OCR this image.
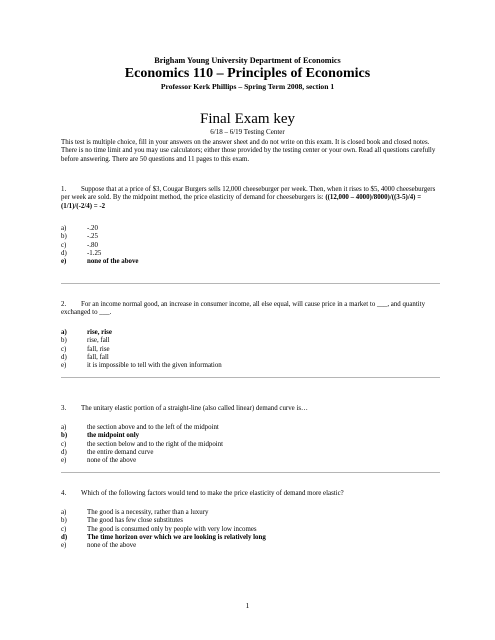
Brigham Young University Department of Economics
Economics 110 – Principles of Economics
Professor Kerk Phillips – Spring Term 2008, section 1
Final Exam key
6/18 – 6/19 Testing Center
This test is multiple choice, fill in your answers on the answer sheet and do not write on this exam. It is closed book and closed notes. There is no time limit and you may use calculators; either those provided by the testing center or your own. Read all questions carefully before answering. There are 50 questions and 11 pages to this exam.
1. Suppose that at a price of $3, Cougar Burgers sells 12,000 cheeseburger per week. Then, when it rises to $5, 4000 cheeseburgers per week are sold. By the midpoint method, the price elasticity of demand for cheeseburgers is: ((12,000 – 4000)/8000)/((3-5)/4) = (1/1)/(-2/4) = -2
a)	-.20
b)	-.25
c)	-.80
d)	-1.25
e)	none of the above
2. For an income normal good, an increase in consumer income, all else equal, will cause price in a market to ___, and quantity exchanged to ___.
a)	rise, rise
b)	rise, fall
c)	fall, rise
d)	fall, fall
e)	it is impossible to tell with the given information
3. The unitary elastic portion of a straight-line (also called linear) demand curve is…
a)	the section above and to the left of the midpoint
b)	the midpoint only
c)	the section below and to the right of the midpoint
d)	the entire demand curve
e)	none of the above
4. Which of the following factors would tend to make the price elasticity of demand more elastic?
a)	The good is a necessity, rather than a luxury
b)	The good has few close substitutes
c)	The good is consumed only by people with very low incomes
d)	The time horizon over which we are looking is relatively long
e)	none of the above
1
